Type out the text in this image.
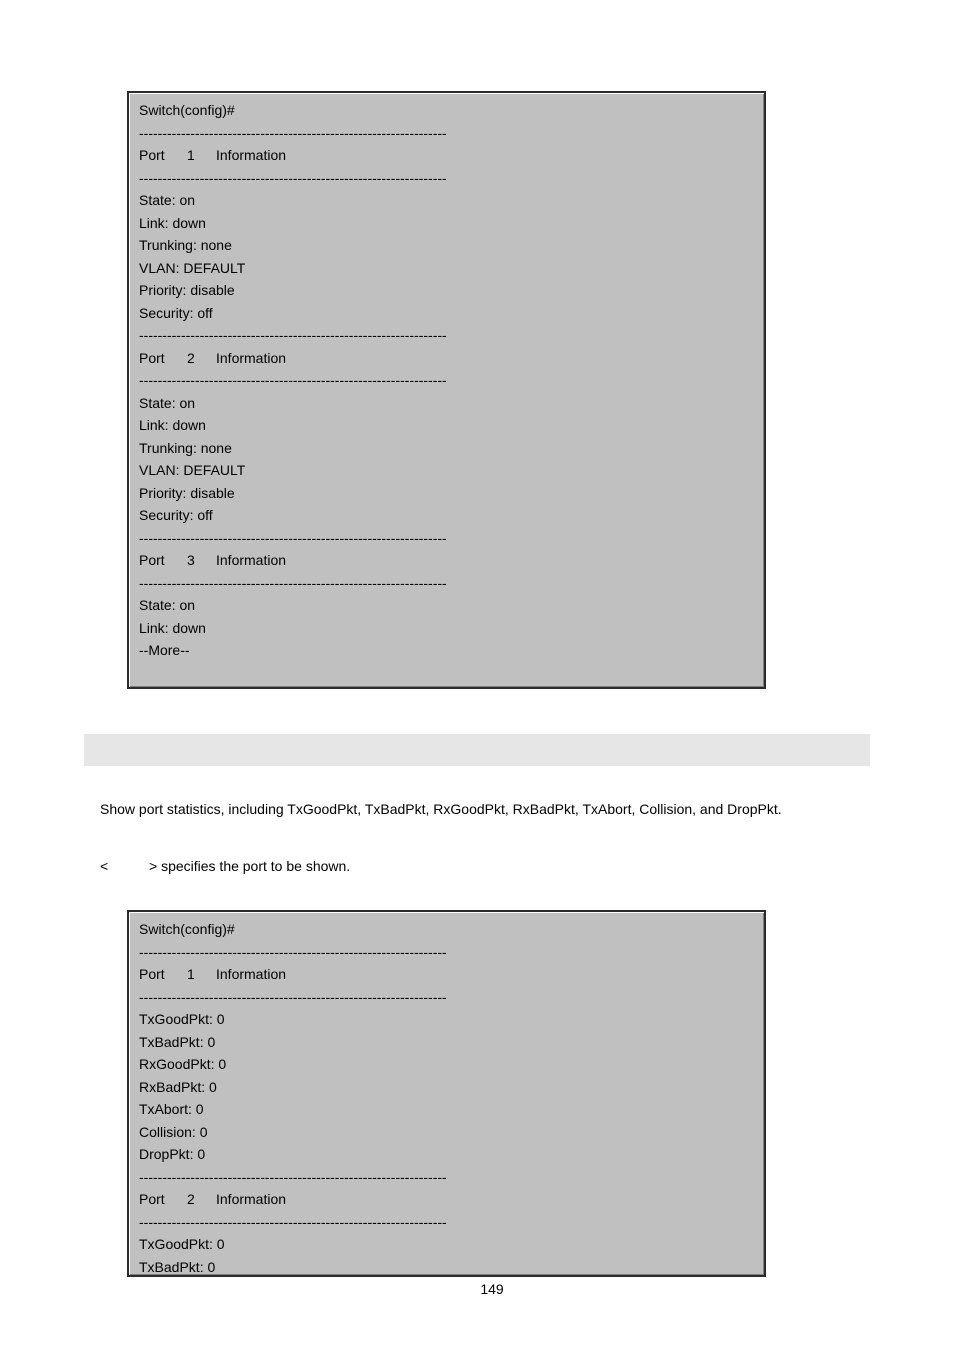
Switch(config)#
------------------------------------------------------------------
Port 1 Information
------------------------------------------------------------------
State: on
Link: down
Trunking: none
VLAN: DEFAULT
Priority: disable
Security: off
------------------------------------------------------------------
Port 2 Information
------------------------------------------------------------------
State: on
Link: down
Trunking: none
VLAN: DEFAULT
Priority: disable
Security: off
------------------------------------------------------------------
Port 3 Information
------------------------------------------------------------------
State: on
Link: down
--More--
Show port statistics, including TxGoodPkt, TxBadPkt, RxGoodPkt, RxBadPkt, TxAbort, Collision, and DropPkt.
<	> specifies the port to be shown.
Switch(config)#
------------------------------------------------------------------
Port 1 Information
------------------------------------------------------------------
TxGoodPkt: 0
TxBadPkt: 0
RxGoodPkt: 0
RxBadPkt: 0
TxAbort: 0
Collision: 0
DropPkt: 0
------------------------------------------------------------------
Port 2 Information
------------------------------------------------------------------
TxGoodPkt: 0
TxBadPkt: 0
149
